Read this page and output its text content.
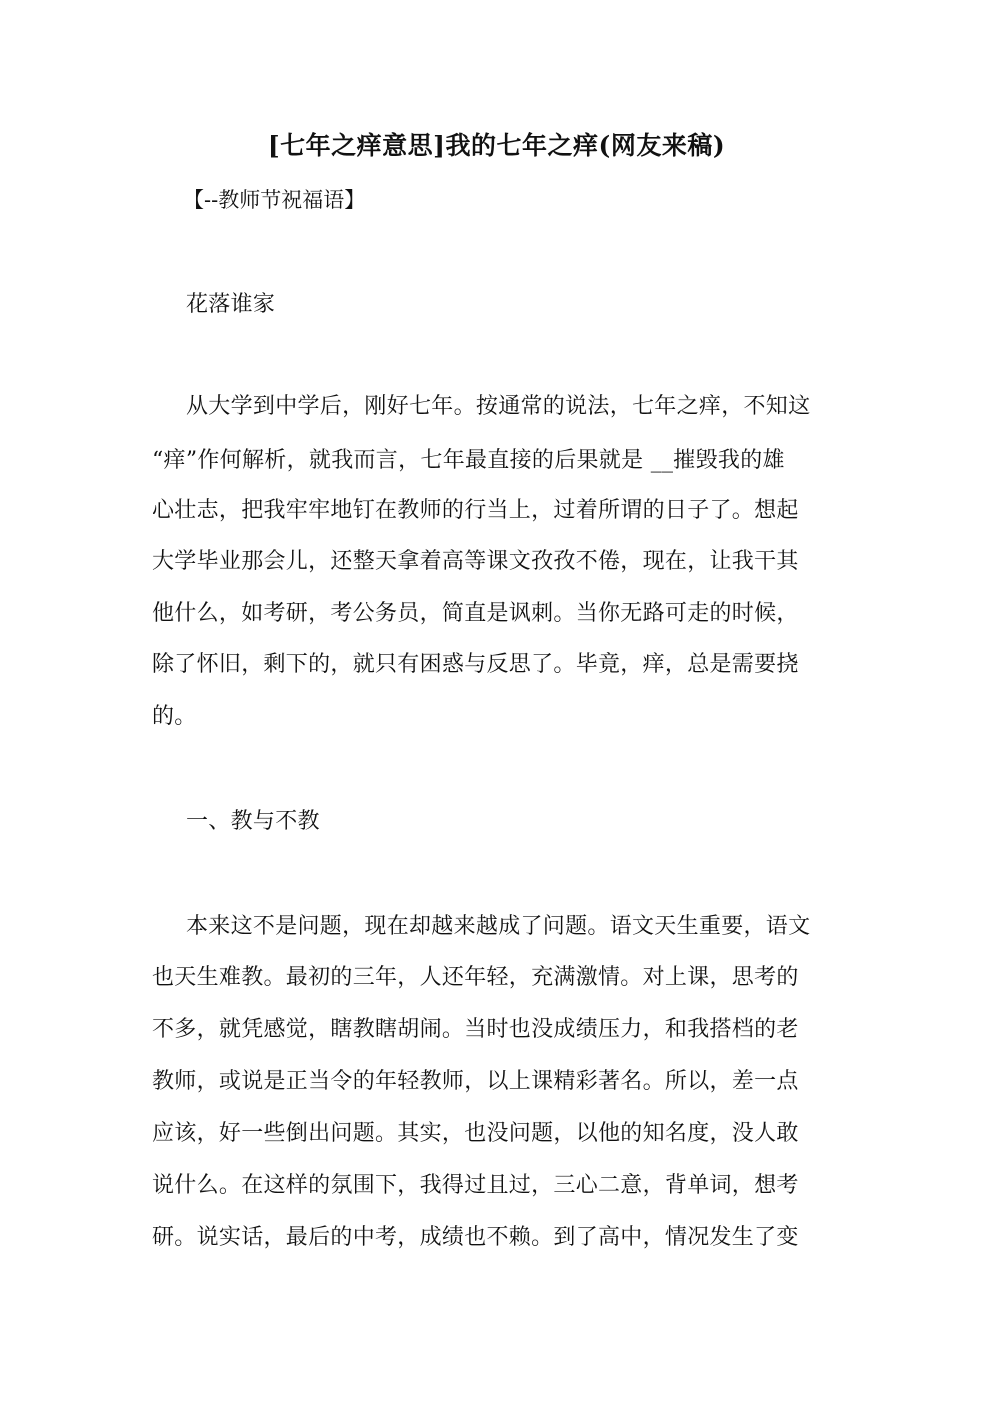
[七年之痒意思]我的七年之痒(网友来稿)
【--教师节祝福语】
花落谁家
从大学到中学后，刚好七年。按通常的说法，七年之痒，不知这
“痒”作何解析，就我而言，七年最直接的后果就是 __摧毁我的雄
心壮志，把我牢牢地钉在教师的行当上，过着所谓的日子了。想起
大学毕业那会儿，还整天拿着高等课文孜孜不倦，现在，让我干其
他什么，如考研，考公务员，简直是讽刺。当你无路可走的时候，
除了怀旧，剩下的，就只有困惑与反思了。毕竟，痒，总是需要挠
的。
一、教与不教
本来这不是问题，现在却越来越成了问题。语文天生重要，语文
也天生难教。最初的三年，人还年轻，充满激情。对上课，思考的
不多，就凭感觉，瞎教瞎胡闹。当时也没成绩压力，和我搭档的老
教师，或说是正当令的年轻教师，以上课精彩著名。所以，差一点
应该，好一些倒出问题。其实，也没问题，以他的知名度，没人敢
说什么。在这样的氛围下，我得过且过，三心二意，背单词，想考
研。说实话，最后的中考，成绩也不赖。到了高中，情况发生了变
